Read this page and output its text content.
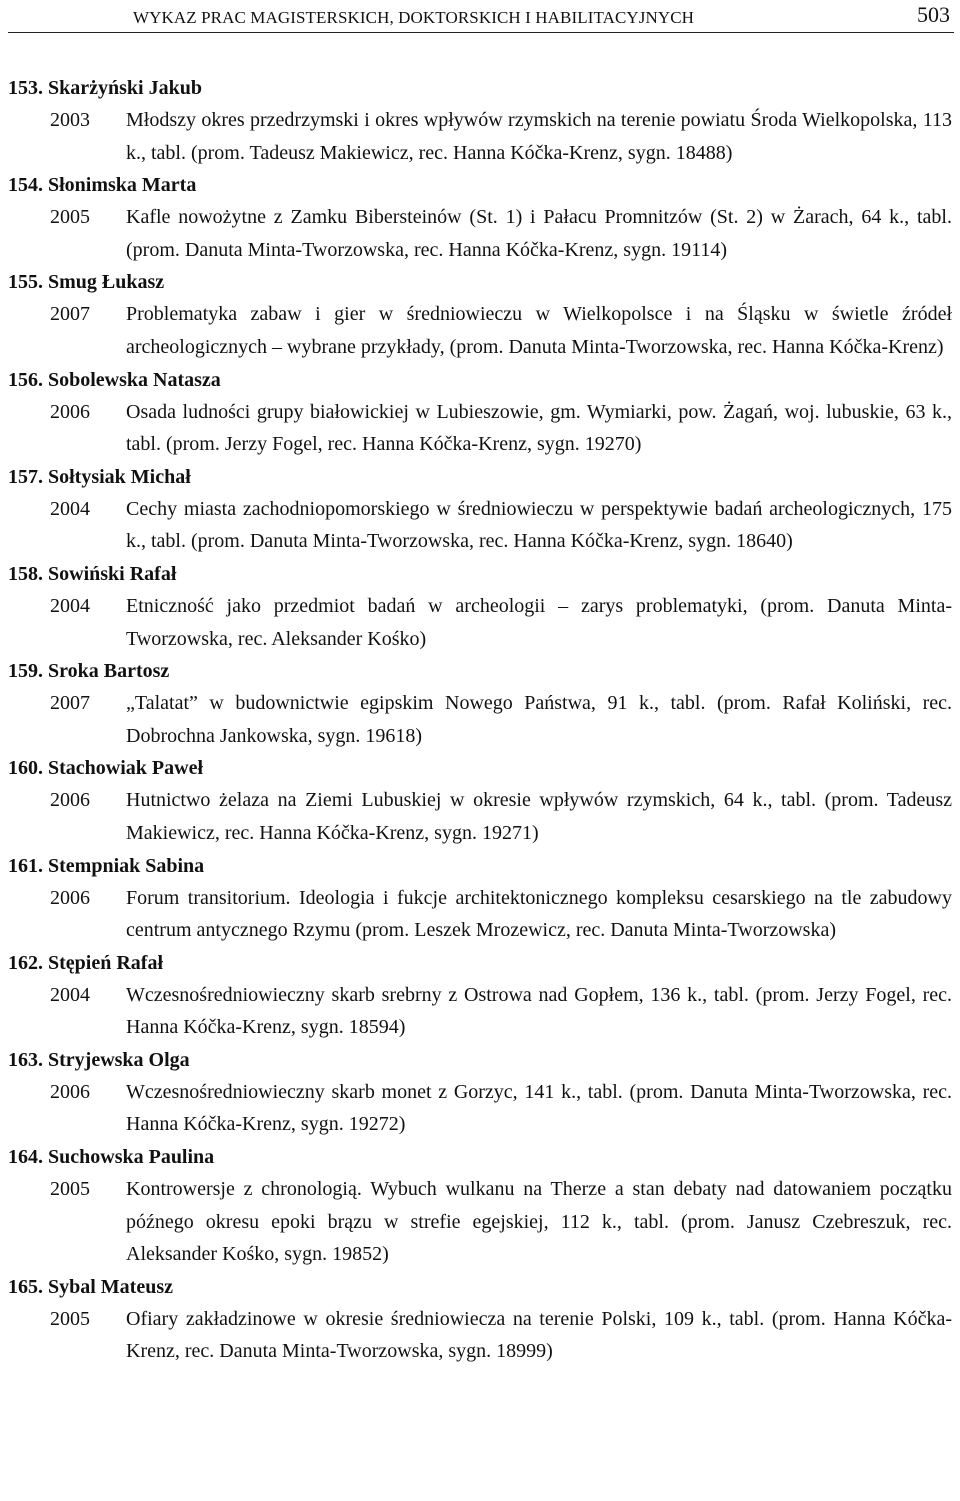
WYKAZ PRAC MAGISTERSKICH, DOKTORSKICH I HABILITACYJNYCH	503
153. Skarżyński Jakub
2003	Młodszy okres przedrzymski i okres wpływów rzymskich na terenie powiatu Środa Wielkopolska, 113 k., tabl. (prom. Tadeusz Makiewicz, rec. Hanna Kóčka-Krenz, sygn. 18488)
154. Słonimska Marta
2005	Kafle nowożytne z Zamku Bibersteinów (St. 1) i Pałacu Promnitzów (St. 2) w Żarach, 64 k., tabl. (prom. Danuta Minta-Tworzowska, rec. Hanna Kóčka-Krenz, sygn. 19114)
155. Smug Łukasz
2007	Problematyka zabaw i gier w średniowieczu w Wielkopolsce i na Śląsku w świetle źródeł archeologicznych – wybrane przykłady, (prom. Danuta Minta-Tworzowska, rec. Hanna Kóčka-Krenz)
156. Sobolewska Natasza
2006	Osada ludności grupy białowickiej w Lubieszowie, gm. Wymiarki, pow. Żagań, woj. lubuskie, 63 k., tabl. (prom. Jerzy Fogel, rec. Hanna Kóčka-Krenz, sygn. 19270)
157. Sołtysiak Michał
2004	Cechy miasta zachodniopomorskiego w średniowieczu w perspektywie badań archeologicznych, 175 k., tabl. (prom. Danuta Minta-Tworzowska, rec. Hanna Kóčka-Krenz, sygn. 18640)
158. Sowiński Rafał
2004	Etniczność jako przedmiot badań w archeologii – zarys problematyki, (prom. Danuta Minta-Tworzowska, rec. Aleksander Kośko)
159. Sroka Bartosz
2007	„Talatat” w budownictwie egipskim Nowego Państwa, 91 k., tabl. (prom. Rafał Koliński, rec. Dobrochna Jankowska, sygn. 19618)
160. Stachowiak Paweł
2006	Hutnictwo żelaza na Ziemi Lubuskiej w okresie wpływów rzymskich, 64 k., tabl. (prom. Tadeusz Makiewicz, rec. Hanna Kóčka-Krenz, sygn. 19271)
161. Stempniak Sabina
2006	Forum transitorium. Ideologia i fukcje architektonicznego kompleksu cesarskiego na tle zabudowy centrum antycznego Rzymu (prom. Leszek Mrozewicz, rec. Danuta Minta-Tworzowska)
162. Stępień Rafał
2004	Wczesnośredniowieczny skarb srebrny z Ostrowa nad Gopłem, 136 k., tabl. (prom. Jerzy Fogel, rec. Hanna Kóčka-Krenz, sygn. 18594)
163. Stryjewska Olga
2006	Wczesnośredniowieczny skarb monet z Gorzyc, 141 k., tabl. (prom. Danuta Minta-Tworzowska, rec. Hanna Kóčka-Krenz, sygn. 19272)
164. Suchowska Paulina
2005	Kontrowersje z chronologią. Wybuch wulkanu na Therze a stan debaty nad datowaniem początku późnego okresu epoki brązu w strefie egejskiej, 112 k., tabl. (prom. Janusz Czebreszuk, rec. Aleksander Kośko, sygn. 19852)
165. Sybal Mateusz
2005	Ofiary zakładzinowe w okresie średniowiecza na terenie Polski, 109 k., tabl. (prom. Hanna Kóčka-Krenz, rec. Danuta Minta-Tworzowska, sygn. 18999)
